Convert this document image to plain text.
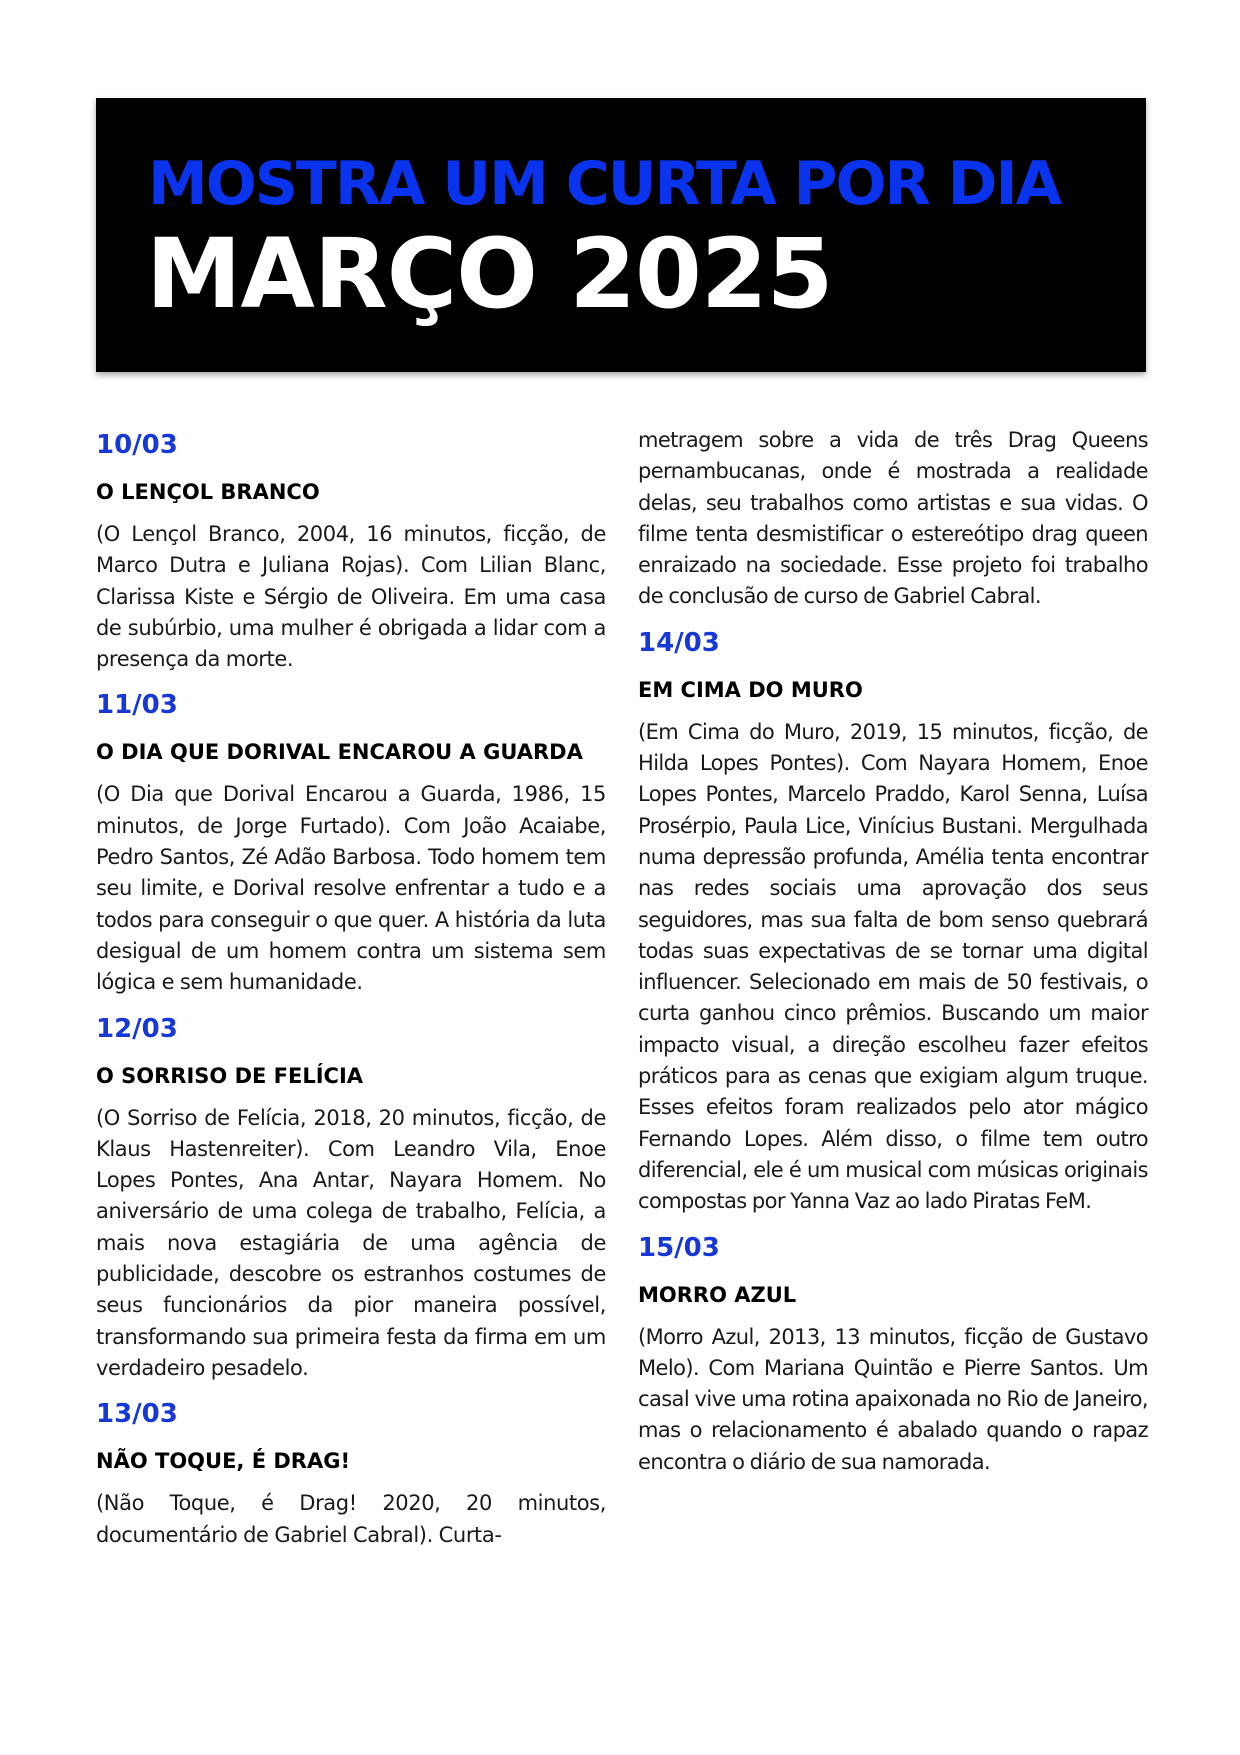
MOSTRA UM CURTA POR DIA
MARÇO 2025
10/03
O LENÇOL BRANCO

(O Lençol Branco, 2004, 16 minutos, ficção, de Marco Dutra e Juliana Rojas). Com Lilian Blanc, Clarissa Kiste e Sérgio de Oliveira. Em uma casa de subúrbio, uma mulher é obrigada a lidar com a presença da morte.

11/03
O DIA QUE DORIVAL ENCAROU A GUARDA

(O Dia que Dorival Encarou a Guarda, 1986, 15 minutos, de Jorge Furtado). Com João Acaiabe, Pedro Santos, Zé Adão Barbosa. Todo homem tem seu limite, e Dorival resolve enfrentar a tudo e a todos para conseguir o que quer. A história da luta desigual de um homem contra um sistema sem lógica e sem humanidade.

12/03
O SORRISO DE FELÍCIA

(O Sorriso de Felícia, 2018, 20 minutos, ficção, de Klaus Hastenreiter). Com Leandro Vila, Enoe Lopes Pontes, Ana Antar, Nayara Homem. No aniversário de uma colega de trabalho, Felícia, a mais nova estagiária de uma agência de publicidade, descobre os estranhos costumes de seus funcionários da pior maneira possível, transformando sua primeira festa da firma em um verdadeiro pesadelo.

13/03
NÃO TOQUE, É DRAG!

(Não Toque, é Drag! 2020, 20 minutos, documentário de Gabriel Cabral). Curta-

metragem sobre a vida de três Drag Queens pernambucanas, onde é mostrada a realidade delas, seu trabalhos como artistas e sua vidas. O filme tenta desmistificar o estereótipo drag queen enraizado na sociedade. Esse projeto foi trabalho de conclusão de curso de Gabriel Cabral.

14/03
EM CIMA DO MURO

(Em Cima do Muro, 2019, 15 minutos, ficção, de Hilda Lopes Pontes). Com Nayara Homem, Enoe Lopes Pontes, Marcelo Praddo, Karol Senna, Luísa Prosérpio, Paula Lice, Vinícius Bustani. Mergulhada numa depressão profunda, Amélia tenta encontrar nas redes sociais uma aprovação dos seus seguidores, mas sua falta de bom senso quebrará todas suas expectativas de se tornar uma digital influencer. Selecionado em mais de 50 festivais, o curta ganhou cinco prêmios. Buscando um maior impacto visual, a direção escolheu fazer efeitos práticos para as cenas que exigiam algum truque. Esses efeitos foram realizados pelo ator mágico Fernando Lopes. Além disso, o filme tem outro diferencial, ele é um musical com músicas originais compostas por Yanna Vaz ao lado Piratas FeM.

15/03
MORRO AZUL

(Morro Azul, 2013, 13 minutos, ficção de Gustavo Melo). Com Mariana Quintão e Pierre Santos. Um casal vive uma rotina apaixonada no Rio de Janeiro, mas o relacionamento é abalado quando o rapaz encontra o diário de sua namorada.
